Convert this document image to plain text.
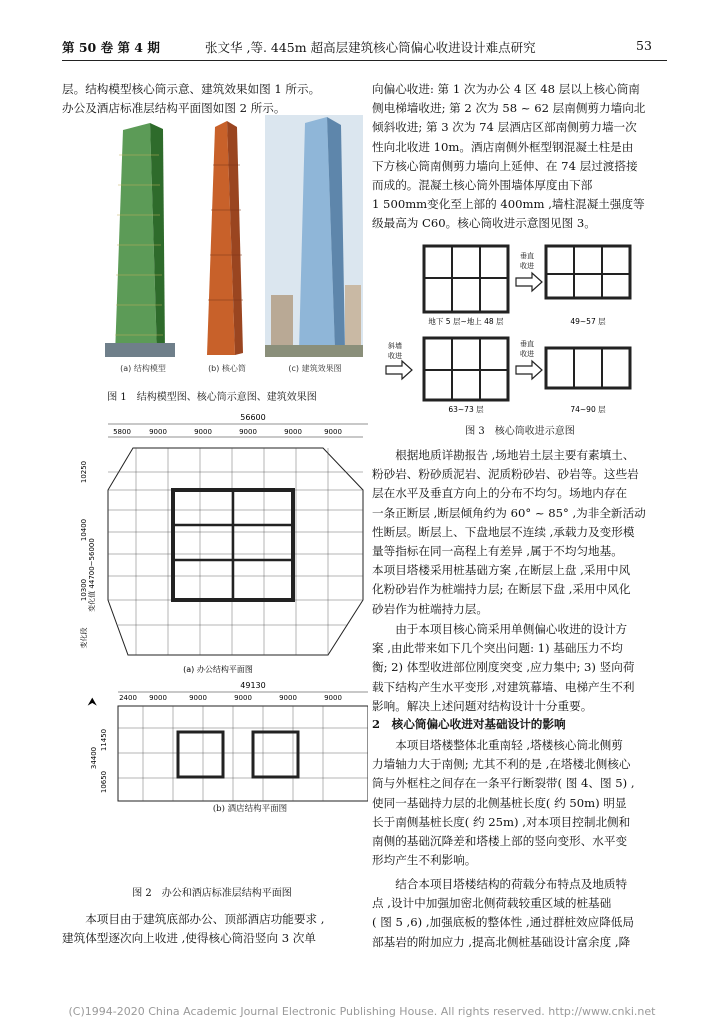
第 50 卷 第 4 期	张文华 ,等. 445m 超高层建筑核心筒偏心收进设计难点研究	53
层。结构模型核心筒示意、建筑效果如图 1 所示。
办公及酒店标准层结构平面图如图 2 所示。
(a) 结构模型	(b) 核心筒	(c) 建筑效果图
图 1　结构模型图、核心筒示意图、建筑效果图
56600
5800	9000	9000	9000	9000	9000
10250
10400
10300
变化段
变化值 44700~56000
(a) 办公结构平面图
⮝
49130
2400 9000	9000	9000	9000	9000
11450
34400
10650
(b) 酒店结构平面图
图 2　办公和酒店标准层结构平面图
　　本项目由于建筑底部办公、顶部酒店功能要求 ,
建筑体型逐次向上收进 ,使得核心筒沿竖向 3 次单
向偏心收进: 第 1 次为办公 4 区 48 层以上核心筒南
侧电梯墙收进; 第 2 次为 58 ~ 62 层南侧剪力墙向北
倾斜收进; 第 3 次为 74 层酒店区部南侧剪力墙一次
性向北收进 10m。酒店南侧外框型钢混凝土柱是由
下方核心筒南侧剪力墙向上延伸、在 74 层过渡搭接
而成的。混凝土核心筒外围墙体厚度由下部
1 500mm变化至上部的 400mm ,墙柱混凝土强度等
级最高为 C60。核心筒收进示意图见图 3。
地下 5 层~地上 48 层
垂直
收进
49~57 层
斜墙
收进
63~73 层
垂直
收进
74~90 层
图 3　核心筒收进示意图
　　根据地质详勘报告 ,场地岩土层主要有素填土、
粉砂岩、粉砂质泥岩、泥质粉砂岩、砂岩等。这些岩
层在水平及垂直方向上的分布不均匀。场地内存在
一条正断层 ,断层倾角约为 60° ~ 85° ,为非全新活动
性断层。断层上、下盘地层不连续 ,承载力及变形模
量等指标在同一高程上有差异 ,属于不均匀地基。
本项目塔楼采用桩基础方案 ,在断层上盘 ,采用中风
化粉砂岩作为桩端持力层; 在断层下盘 ,采用中风化
砂岩作为桩端持力层。
　　由于本项目核心筒采用单侧偏心收进的设计方
案 ,由此带来如下几个突出问题: 1) 基础压力不均
衡; 2) 体型收进部位刚度突变 ,应力集中; 3) 竖向荷
载下结构产生水平变形 ,对建筑幕墙、电梯产生不利
影响。解决上述问题对结构设计十分重要。
2　核心筒偏心收进对基础设计的影响
　　本项目塔楼整体北重南轻 ,塔楼核心筒北侧剪
力墙轴力大于南侧; 尤其不利的是 ,在塔楼北侧核心
筒与外框柱之间存在一条平行断裂带( 图 4、图 5) ,
使同一基础持力层的北侧基桩长度( 约 50m) 明显
长于南侧基桩长度( 约 25m) ,对本项目控制北侧和
南侧的基础沉降差和塔楼上部的竖向变形、水平变
形均产生不利影响。
　　结合本项目塔楼结构的荷载分布特点及地质特
点 ,设计中加强加密北侧荷载较重区域的桩基础
( 图 5 ,6) ,加强底板的整体性 ,通过群桩效应降低局
部基岩的附加应力 ,提高北侧桩基础设计富余度 ,降
(C)1994-2020 China Academic Journal Electronic Publishing House. All rights reserved. http://www.cnki.net
